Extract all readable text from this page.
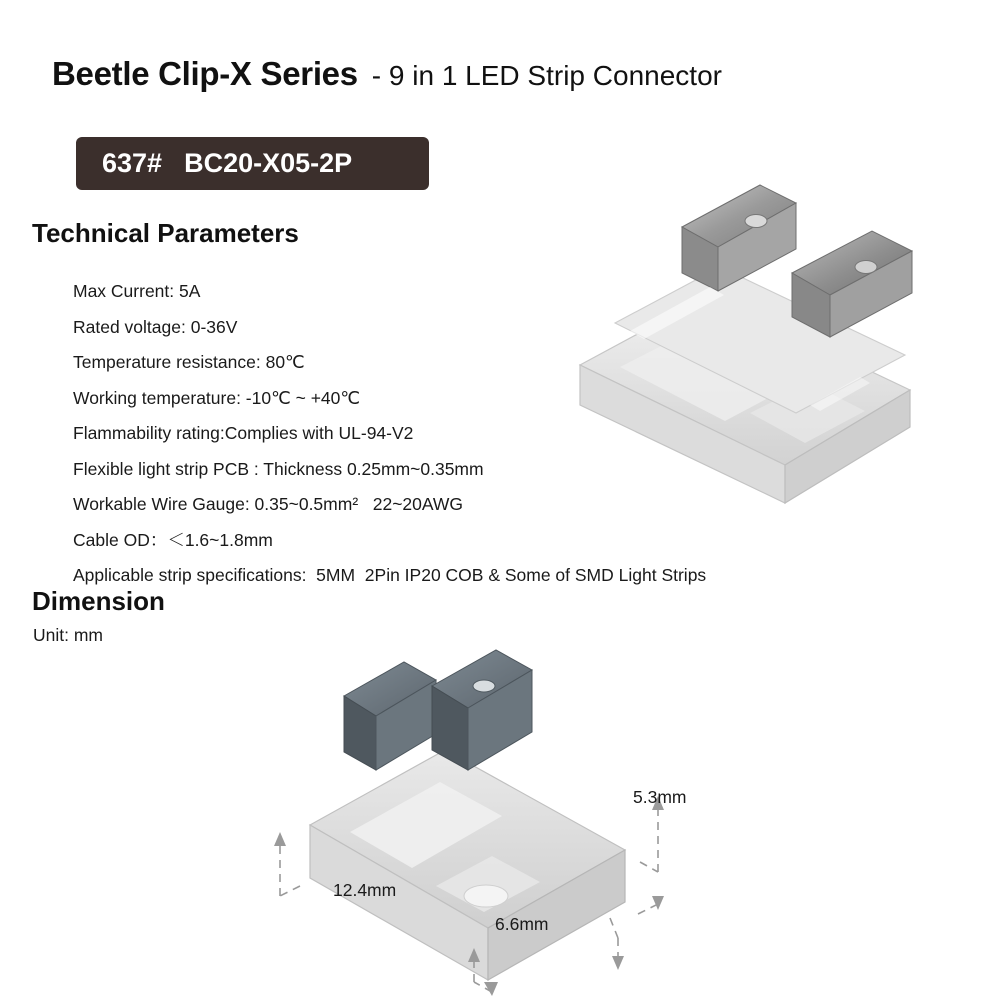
Beetle Clip-X Series - 9 in 1 LED Strip Connector
637# BC20-X05-2P
Technical Parameters
Max Current: 5A
Rated voltage: 0-36V
Temperature resistance: 80℃
Working temperature: -10℃ ~ +40℃
Flammability rating:Complies with UL-94-V2
Flexible light strip PCB : Thickness 0.25mm~0.35mm
Workable Wire Gauge: 0.35~0.5mm²   22~20AWG
Cable OD：＜1.6~1.8mm
Applicable strip specifications:  5MM  2Pin IP20 COB & Some of SMD Light Strips
Dimension
Unit: mm
12.4mm
6.6mm
5.3mm
